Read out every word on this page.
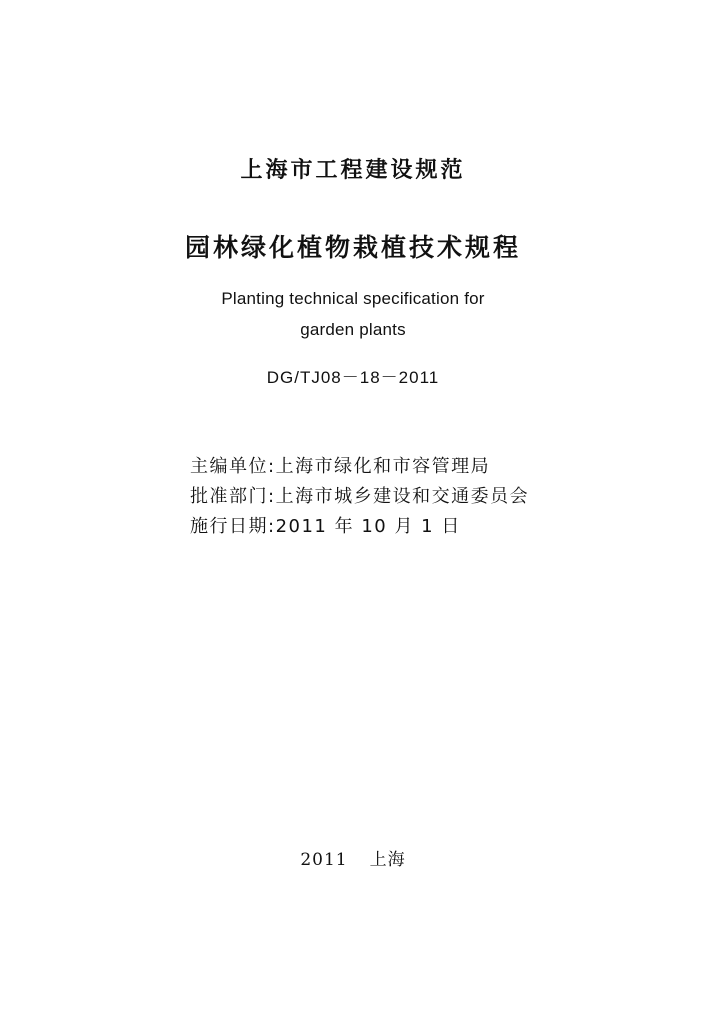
上海市工程建设规范
园林绿化植物栽植技术规程
Planting technical specification for
garden plants
DG/TJ08－18－2011
主编单位:上海市绿化和市容管理局
批准部门:上海市城乡建设和交通委员会
施行日期:2011 年 10 月 1 日
2011 上海
